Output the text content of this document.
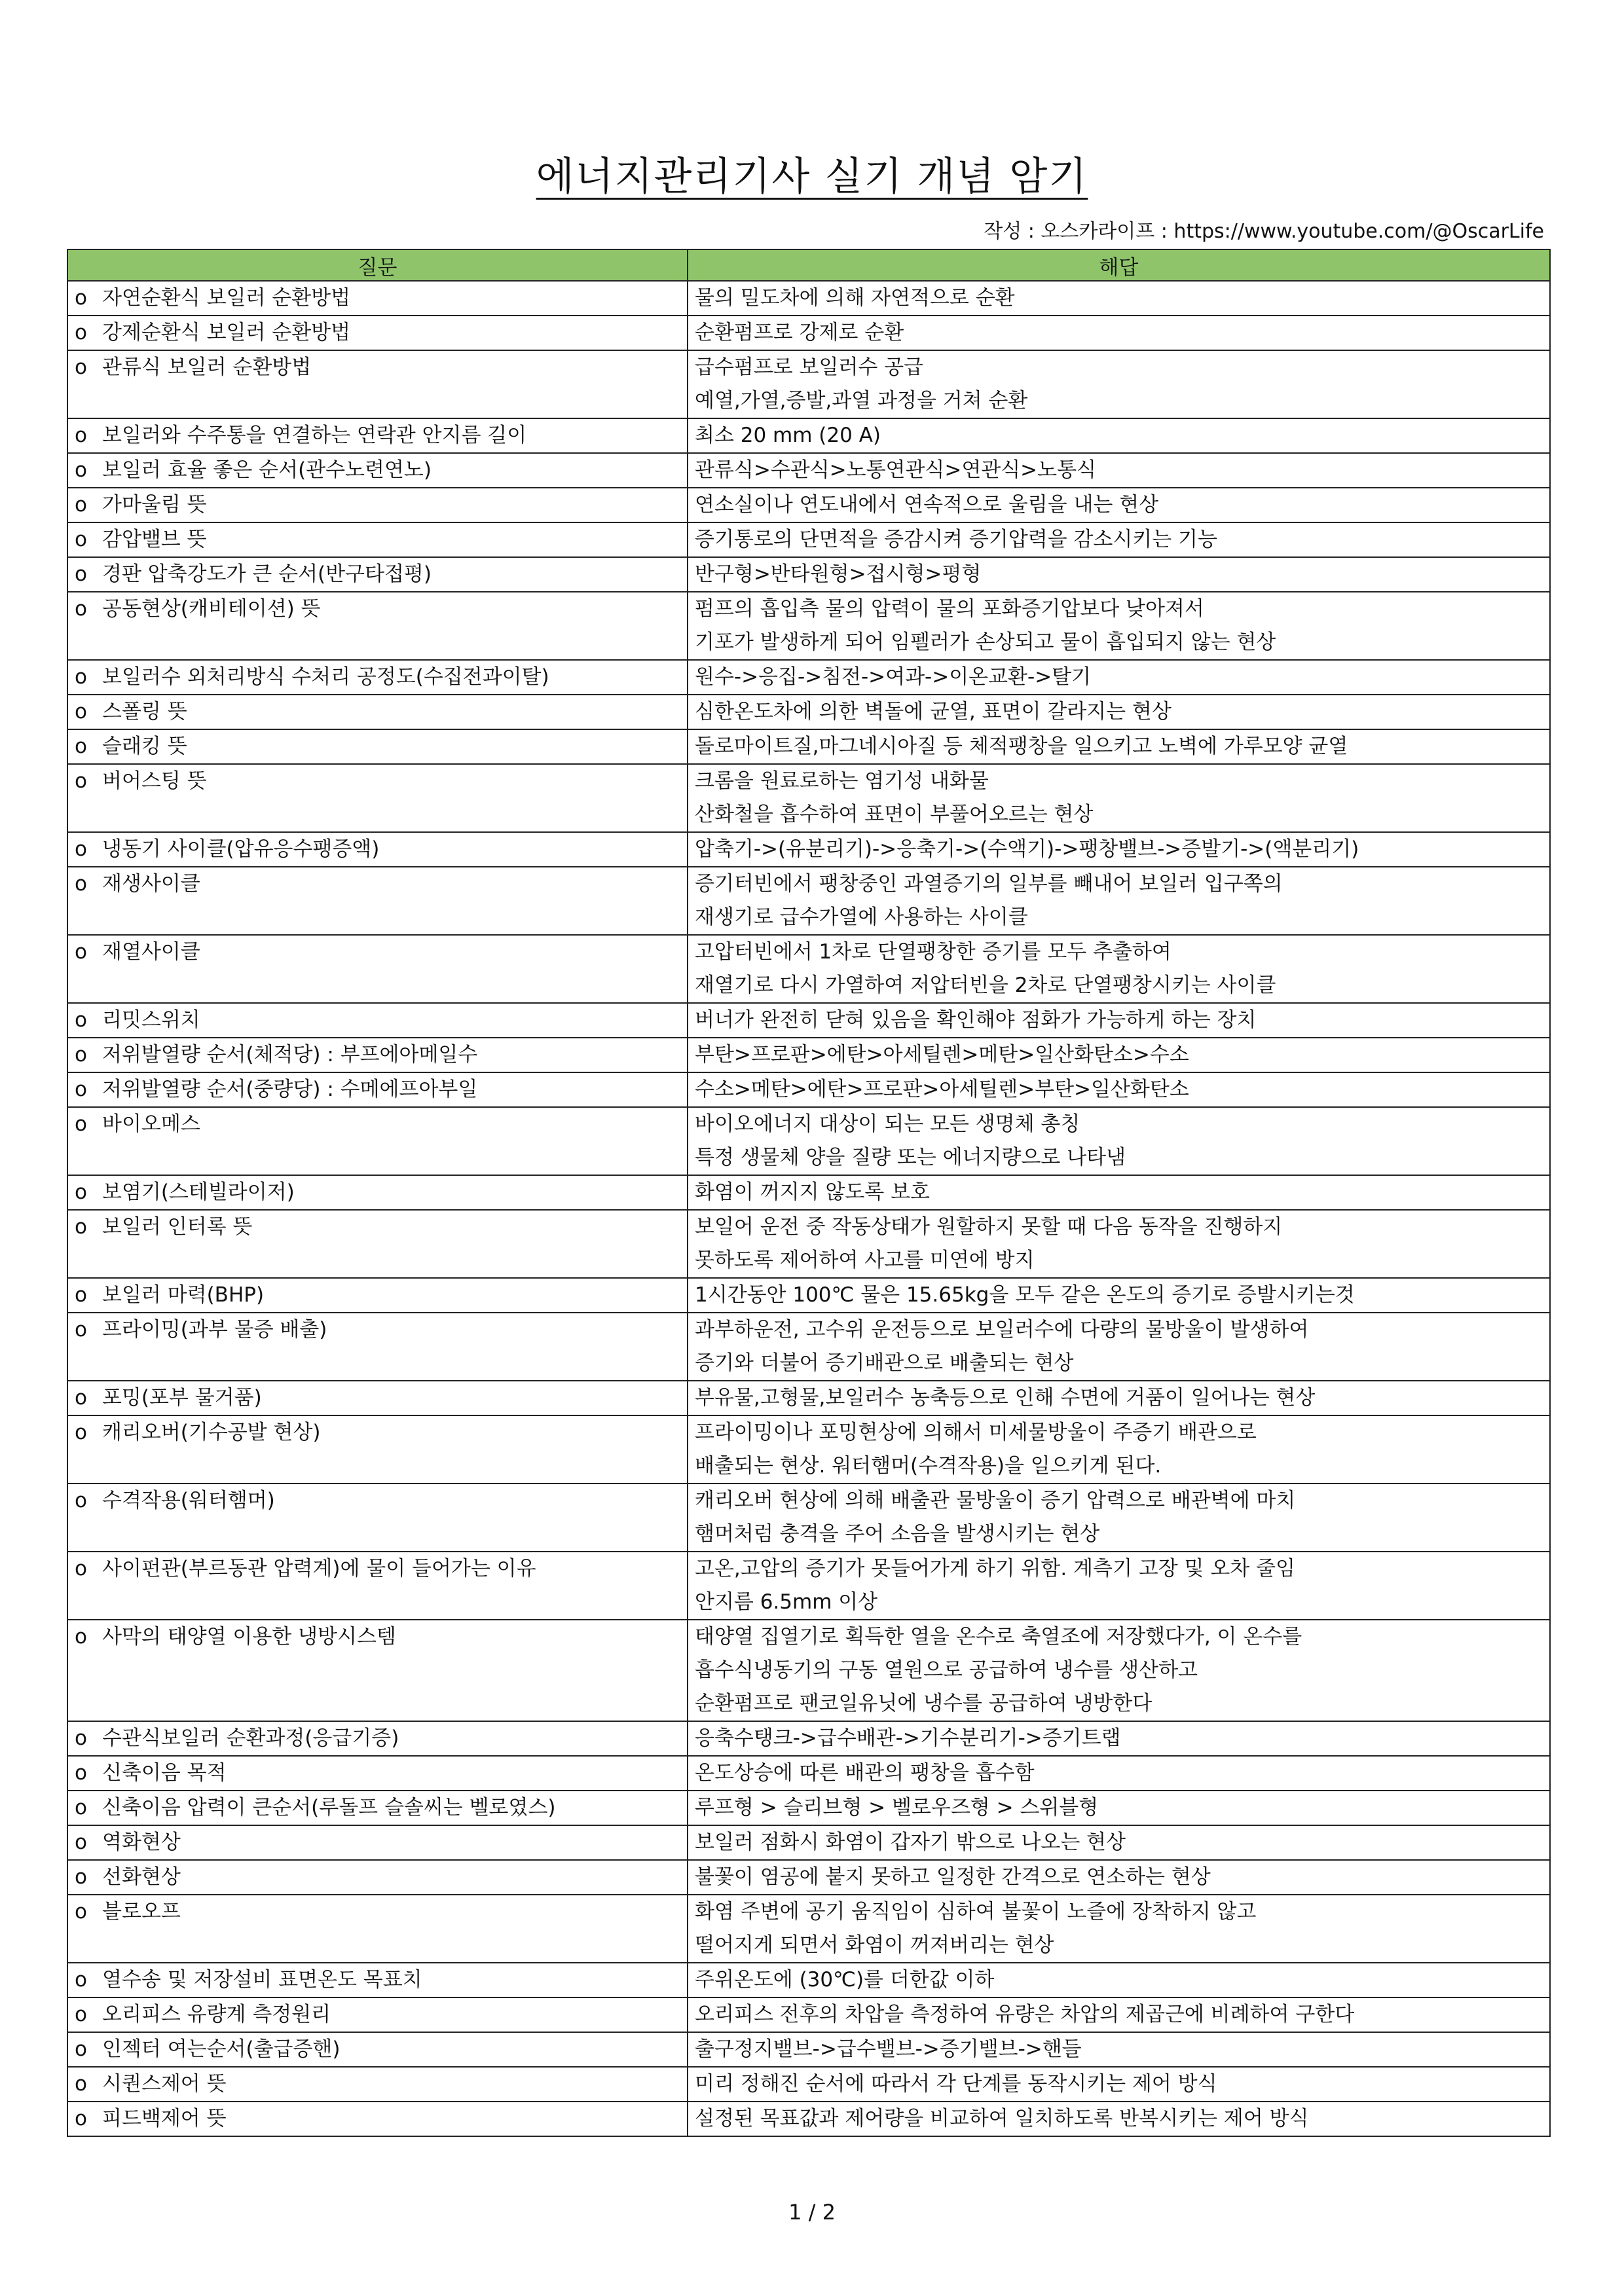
에너지관리기사 실기 개념 암기
작성 : 오스카라이프 : https://www.youtube.com/@OscarLife
질문	해답
o 자연순환식 보일러 순환방법	물의 밀도차에 의해 자연적으로 순환

o 강제순환식 보일러 순환방법	순환펌프로 강제로 순환

o 관류식 보일러 순환방법	급수펌프로 보일러수 공급
예열,가열,증발,과열 과정을 거쳐 순환

o 보일러와 수주통을 연결하는 연락관 안지름 길이	최소 20 mm (20 A)

o 보일러 효율 좋은 순서(관수노련연노)	관류식>수관식>노통연관식>연관식>노통식

o 가마울림 뜻	연소실이나 연도내에서 연속적으로 울림을 내는 현상

o 감압밸브 뜻	증기통로의 단면적을 증감시켜 증기압력을 감소시키는 기능

o 경판 압축강도가 큰 순서(반구타접평)	반구형>반타원형>접시형>평형

o 공동현상(캐비테이션) 뜻	펌프의 흡입측 물의 압력이 물의 포화증기압보다 낮아져서
기포가 발생하게 되어 임펠러가 손상되고 물이 흡입되지 않는 현상

o 보일러수 외처리방식 수처리 공정도(수집전과이탈)	원수->응집->침전->여과->이온교환->탈기

o 스폴링 뜻	심한온도차에 의한 벽돌에 균열, 표면이 갈라지는 현상

o 슬래킹 뜻	돌로마이트질,마그네시아질 등 체적팽창을 일으키고 노벽에 가루모양 균열

o 버어스팅 뜻	크롬을 원료로하는 염기성 내화물
산화철을 흡수하여 표면이 부풀어오르는 현상

o 냉동기 사이클(압유응수팽증액)	압축기->(유분리기)->응축기->(수액기)->팽창밸브->증발기->(액분리기)

o 재생사이클	증기터빈에서 팽창중인 과열증기의 일부를 빼내어 보일러 입구쪽의
재생기로 급수가열에 사용하는 사이클

o 재열사이클	고압터빈에서 1차로 단열팽창한 증기를 모두 추출하여
재열기로 다시 가열하여 저압터빈을 2차로 단열팽창시키는 사이클

o 리밋스위치	버너가 완전히 닫혀 있음을 확인해야 점화가 가능하게 하는 장치

o 저위발열량 순서(체적당) : 부프에아메일수	부탄>프로판>에탄>아세틸렌>메탄>일산화탄소>수소

o 저위발열량 순서(중량당) : 수메에프아부일	수소>메탄>에탄>프로판>아세틸렌>부탄>일산화탄소

o 바이오메스	바이오에너지 대상이 되는 모든 생명체 총칭
특정 생물체 양을 질량 또는 에너지량으로 나타냄

o 보염기(스테빌라이저)	화염이 꺼지지 않도록 보호

o 보일러 인터록 뜻	보일어 운전 중 작동상태가 원할하지 못할 때 다음 동작을 진행하지
못하도록 제어하여 사고를 미연에 방지

o 보일러 마력(BHP)	1시간동안 100℃ 물은 15.65kg을 모두 같은 온도의 증기로 증발시키는것

o 프라이밍(과부 물증 배출)	과부하운전, 고수위 운전등으로 보일러수에 다량의 물방울이 발생하여
증기와 더불어 증기배관으로 배출되는 현상

o 포밍(포부 물거품)	부유물,고형물,보일러수 농축등으로 인해 수면에 거품이 일어나는 현상

o 캐리오버(기수공발 현상)	프라이밍이나 포밍현상에 의해서 미세물방울이 주증기 배관으로
배출되는 현상. 워터햄머(수격작용)을 일으키게 된다.

o 수격작용(워터햄머)	캐리오버 현상에 의해 배출관 물방울이 증기 압력으로 배관벽에 마치
햄머처럼 충격을 주어 소음을 발생시키는 현상

o 사이펀관(부르동관 압력계)에 물이 들어가는 이유	고온,고압의 증기가 못들어가게 하기 위함. 계측기 고장 및 오차 줄임
안지름 6.5mm 이상

o 사막의 태양열 이용한 냉방시스템	태양열 집열기로 획득한 열을 온수로 축열조에 저장했다가, 이 온수를
흡수식냉동기의 구동 열원으로 공급하여 냉수를 생산하고
순환펌프로 팬코일유닛에 냉수를 공급하여 냉방한다

o 수관식보일러 순환과정(응급기증)	응축수탱크->급수배관->기수분리기->증기트랩

o 신축이음 목적	온도상승에 따른 배관의 팽창을 흡수함

o 신축이음 압력이 큰순서(루돌프 슬솔씨는 벨로였스)	루프형 > 슬리브형 > 벨로우즈형 > 스위블형

o 역화현상	보일러 점화시 화염이 갑자기 밖으로 나오는 현상

o 선화현상	불꽃이 염공에 붙지 못하고 일정한 간격으로 연소하는 현상

o 블로오프	화염 주변에 공기 움직임이 심하여 불꽃이 노즐에 장착하지 않고
떨어지게 되면서 화염이 꺼져버리는 현상

o 열수송 및 저장설비 표면온도 목표치	주위온도에 (30℃)를 더한값 이하

o 오리피스 유량계 측정원리	오리피스 전후의 차압을 측정하여 유량은 차압의 제곱근에 비례하여 구한다

o 인젝터 여는순서(출급증핸)	출구정지밸브->급수밸브->증기밸브->핸들

o 시퀀스제어 뜻	미리 정해진 순서에 따라서 각 단계를 동작시키는 제어 방식

o 피드백제어 뜻	설정된 목표값과 제어량을 비교하여 일치하도록 반복시키는 제어 방식
1 / 2
